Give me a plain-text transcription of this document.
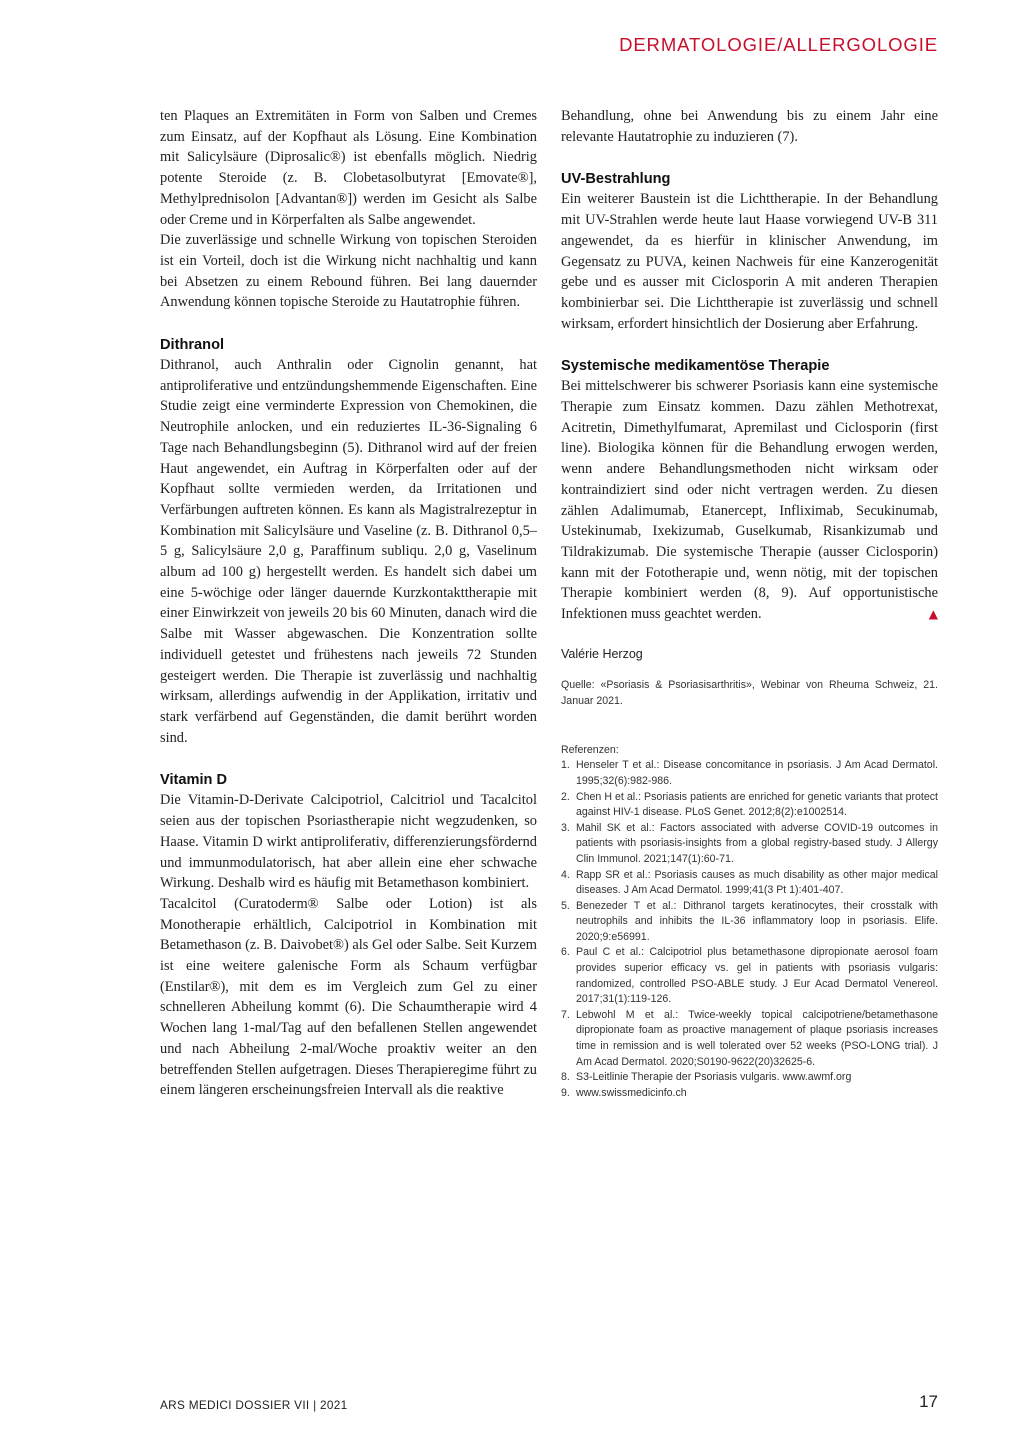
DERMATOLOGIE/ALLERGOLOGIE

ten Plaques an Extremitäten in Form von Salben und Cremes zum Einsatz, auf der Kopfhaut als Lösung. Eine Kombination mit Salicylsäure (Diprosalic®) ist ebenfalls möglich. Niedrig potente Steroide (z. B. Clobetasolbutyrat [Emovate®], Methylprednisolon [Advantan®]) werden im Gesicht als Salbe oder Creme und in Körperfalten als Salbe angewendet.

Die zuverlässige und schnelle Wirkung von topischen Steroiden ist ein Vorteil, doch ist die Wirkung nicht nachhaltig und kann bei Absetzen zu einem Rebound führen. Bei lang dauernder Anwendung können topische Steroide zu Hautatrophie führen.

Dithranol

Dithranol, auch Anthralin oder Cignolin genannt, hat antiproliferative und entzündungshemmende Eigenschaften. Eine Studie zeigt eine verminderte Expression von Chemokinen, die Neutrophile anlocken, und ein reduziertes IL-36-Signaling 6 Tage nach Behandlungsbeginn (5). Dithranol wird auf der freien Haut angewendet, ein Auftrag in Körperfalten oder auf der Kopfhaut sollte vermieden werden, da Irritationen und Verfärbungen auftreten können. Es kann als Magistralrezeptur in Kombination mit Salicylsäure und Vaseline (z. B. Dithranol 0,5–5 g, Salicylsäure 2,0 g, Paraffinum subliqu. 2,0 g, Vaselinum album ad 100 g) hergestellt werden. Es handelt sich dabei um eine 5-wöchige oder länger dauernde Kurzkontakttherapie mit einer Einwirkzeit von jeweils 20 bis 60 Minuten, danach wird die Salbe mit Wasser abgewaschen. Die Konzentration sollte individuell getestet und frühestens nach jeweils 72 Stunden gesteigert werden. Die Therapie ist zuverlässig und nachhaltig wirksam, allerdings aufwendig in der Applikation, irritativ und stark verfärbend auf Gegenständen, die damit berührt worden sind.

Vitamin D

Die Vitamin-D-Derivate Calcipotriol, Calcitriol und Tacalcitol seien aus der topischen Psoriastherapie nicht wegzudenken, so Haase. Vitamin D wirkt antiproliferativ, differenzierungsfördernd und immunmodulatorisch, hat aber allein eine eher schwache Wirkung. Deshalb wird es häufig mit Betamethason kombiniert.

Tacalcitol (Curatoderm® Salbe oder Lotion) ist als Monotherapie erhältlich, Calcipotriol in Kombination mit Betamethason (z. B. Daivobet®) als Gel oder Salbe. Seit Kurzem ist eine weitere galenische Form als Schaum verfügbar (Enstilar®), mit dem es im Vergleich zum Gel zu einer schnelleren Abheilung kommt (6). Die Schaumtherapie wird 4 Wochen lang 1-mal/Tag auf den befallenen Stellen angewendet und nach Abheilung 2-mal/Woche proaktiv weiter an den betreffenden Stellen aufgetragen. Dieses Therapieregime führt zu einem längeren erscheinungsfreien Intervall als die reaktive

Behandlung, ohne bei Anwendung bis zu einem Jahr eine relevante Hautatrophie zu induzieren (7).

UV-Bestrahlung

Ein weiterer Baustein ist die Lichttherapie. In der Behandlung mit UV-Strahlen werde heute laut Haase vorwiegend UV-B 311 angewendet, da es hierfür in klinischer Anwendung, im Gegensatz zu PUVA, keinen Nachweis für eine Kanzerogenität gebe und es ausser mit Ciclosporin A mit anderen Therapien kombinierbar sei. Die Lichttherapie ist zuverlässig und schnell wirksam, erfordert hinsichtlich der Dosierung aber Erfahrung.

Systemische medikamentöse Therapie

Bei mittelschwerer bis schwerer Psoriasis kann eine systemische Therapie zum Einsatz kommen. Dazu zählen Methotrexat, Acitretin, Dimethylfumarat, Apremilast und Ciclosporin (first line). Biologika können für die Behandlung erwogen werden, wenn andere Behandlungsmethoden nicht wirksam oder kontraindiziert sind oder nicht vertragen werden. Zu diesen zählen Adalimumab, Etanercept, Infliximab, Secukinumab, Ustekinumab, Ixekizumab, Guselkumab, Risankizumab und Tildrakizumab. Die systemische Therapie (ausser Ciclosporin) kann mit der Fototherapie und, wenn nötig, mit der topischen Therapie kombiniert werden (8, 9). Auf opportunistische Infektionen muss geachtet werden.	▲

Valérie Herzog
Quelle: «Psoriasis & Psoriasisarthritis», Webinar von Rheuma Schweiz, 21. Januar 2021.
Referenzen:
1. Henseler T et al.: Disease concomitance in psoriasis. J Am Acad Dermatol. 1995;32(6):982-986.
2. Chen H et al.: Psoriasis patients are enriched for genetic variants that protect against HIV-1 disease. PLoS Genet. 2012;8(2):e1002514.
3. Mahil SK et al.: Factors associated with adverse COVID-19 outcomes in patients with psoriasis-insights from a global registry-based study. J Allergy Clin Immunol. 2021;147(1):60-71.
4. Rapp SR et al.: Psoriasis causes as much disability as other major medical diseases. J Am Acad Dermatol. 1999;41(3 Pt 1):401-407.
5. Benezeder T et al.: Dithranol targets keratinocytes, their crosstalk with neutrophils and inhibits the IL-36 inflammatory loop in psoriasis. Elife. 2020;9:e56991.
6. Paul C et al.: Calcipotriol plus betamethasone dipropionate aerosol foam provides superior efficacy vs. gel in patients with psoriasis vulgaris: randomized, controlled PSO-ABLE study. J Eur Acad Dermatol Venereol. 2017;31(1):119-126.
7. Lebwohl M et al.: Twice-weekly topical calcipotriene/betamethasone dipropionate foam as proactive management of plaque psoriasis increases time in remission and is well tolerated over 52 weeks (PSO-LONG trial). J Am Acad Dermatol. 2020;S0190-9622(20)32625-6.
8. S3-Leitlinie Therapie der Psoriasis vulgaris. www.awmf.org
9. www.swissmedicinfo.ch
ARS MEDICI DOSSIER VII | 2021	17
